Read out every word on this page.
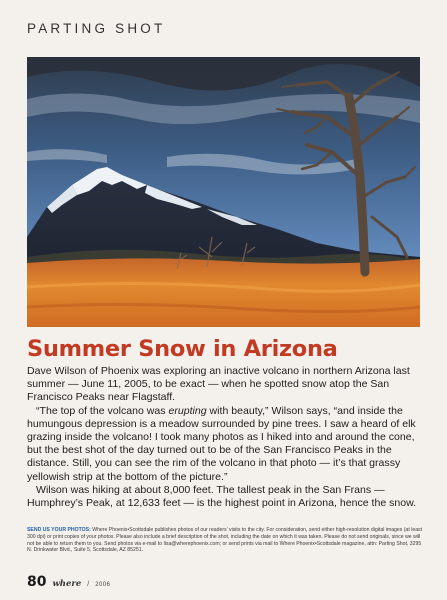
PARTING SHOT
Summer Snow in Arizona

Dave Wilson of Phoenix was exploring an inactive volcano in northern Arizona last summer — June 11, 2005, to be exact — when he spotted snow atop the San Francisco Peaks near Flagstaff.

“The top of the volcano was erupting with beauty,” Wilson says, “and inside the humungous depression is a meadow surrounded by pine trees. I saw a heard of elk grazing inside the volcano! I took many photos as I hiked into and around the cone, but the best shot of the day turned out to be of the San Francisco Peaks in the distance. Still, you can see the rim of the volcano in that photo — it’s that grassy yellowish strip at the bottom of the picture.”

Wilson was hiking at about 8,000 feet. The tallest peak in the San Frans — Humphrey’s Peak, at 12,633 feet — is the highest point in Arizona, hence the snow.

SEND US YOUR PHOTOS: Where Phoenix•Scottsdale publishes photos of our readers’ visits to the city. For consideration, send either high-resolution digital images (at least 300 dpi) or print copies of your photos. Please also include a brief description of the shot, including the date on which it was taken. Please do not send originals, since we will not be able to return them to you. Send photos via e-mail to lisa@wherephoenix.com; or send prints via mail to Where Phoenix•Scottsdale magazine, attn: Parting Shot, 3295 N. Drinkwater Blvd., Suite 5, Scottsdale, AZ 85251.
80 where / 2006
